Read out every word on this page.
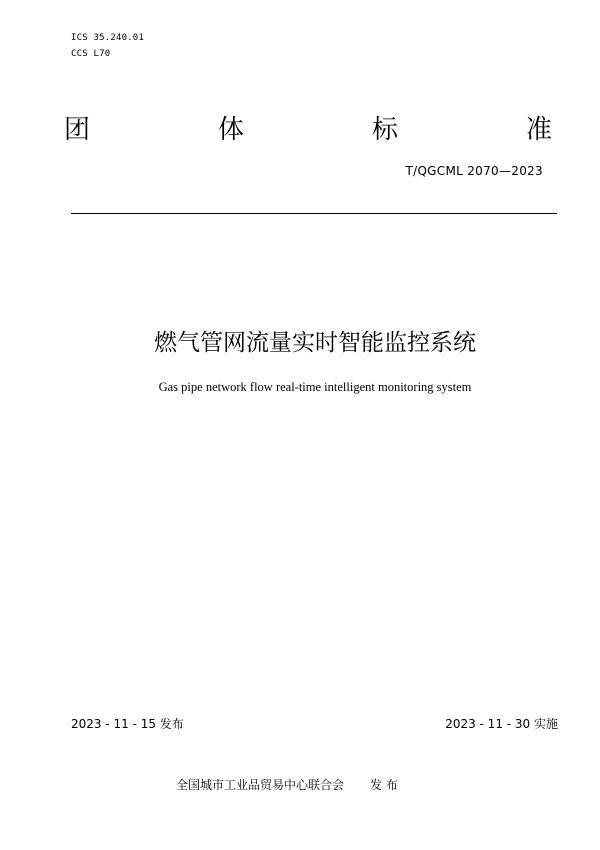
ICS 35.240.01
CCS L70
团	体	标	准
T/QGCML 2070—2023
燃气管网流量实时智能监控系统
Gas pipe network flow real-time intelligent monitoring system
2023 - 11 - 15 发布	2023 - 11 - 30 实施
全国城市工业品贸易中心联合会 发 布
